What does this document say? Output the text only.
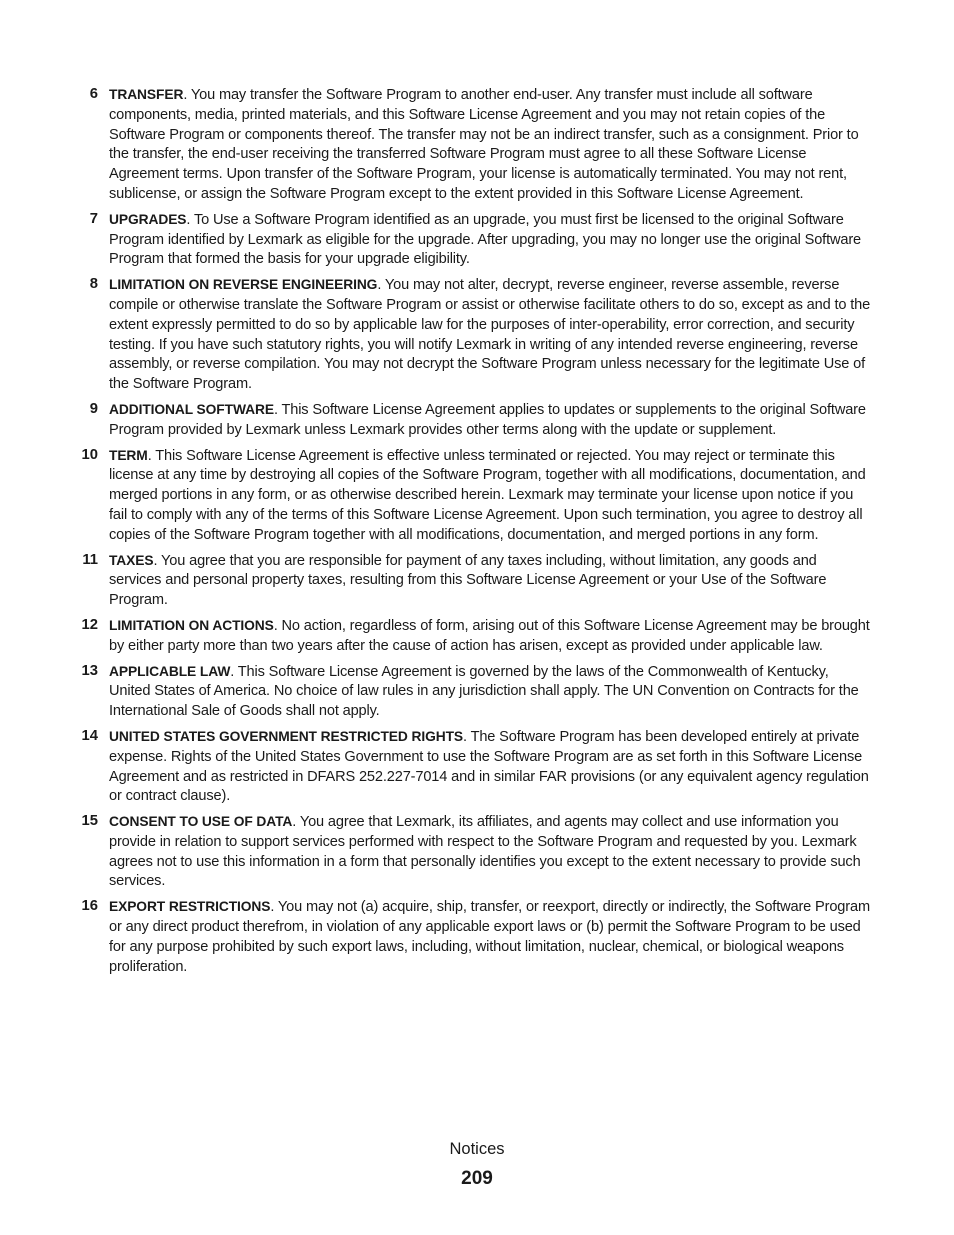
6 TRANSFER. You may transfer the Software Program to another end-user. Any transfer must include all software components, media, printed materials, and this Software License Agreement and you may not retain copies of the Software Program or components thereof. The transfer may not be an indirect transfer, such as a consignment. Prior to the transfer, the end-user receiving the transferred Software Program must agree to all these Software License Agreement terms. Upon transfer of the Software Program, your license is automatically terminated. You may not rent, sublicense, or assign the Software Program except to the extent provided in this Software License Agreement.
7 UPGRADES. To Use a Software Program identified as an upgrade, you must first be licensed to the original Software Program identified by Lexmark as eligible for the upgrade. After upgrading, you may no longer use the original Software Program that formed the basis for your upgrade eligibility.
8 LIMITATION ON REVERSE ENGINEERING. You may not alter, decrypt, reverse engineer, reverse assemble, reverse compile or otherwise translate the Software Program or assist or otherwise facilitate others to do so, except as and to the extent expressly permitted to do so by applicable law for the purposes of inter-operability, error correction, and security testing. If you have such statutory rights, you will notify Lexmark in writing of any intended reverse engineering, reverse assembly, or reverse compilation. You may not decrypt the Software Program unless necessary for the legitimate Use of the Software Program.
9 ADDITIONAL SOFTWARE. This Software License Agreement applies to updates or supplements to the original Software Program provided by Lexmark unless Lexmark provides other terms along with the update or supplement.
10 TERM. This Software License Agreement is effective unless terminated or rejected. You may reject or terminate this license at any time by destroying all copies of the Software Program, together with all modifications, documentation, and merged portions in any form, or as otherwise described herein. Lexmark may terminate your license upon notice if you fail to comply with any of the terms of this Software License Agreement. Upon such termination, you agree to destroy all copies of the Software Program together with all modifications, documentation, and merged portions in any form.
11 TAXES. You agree that you are responsible for payment of any taxes including, without limitation, any goods and services and personal property taxes, resulting from this Software License Agreement or your Use of the Software Program.
12 LIMITATION ON ACTIONS. No action, regardless of form, arising out of this Software License Agreement may be brought by either party more than two years after the cause of action has arisen, except as provided under applicable law.
13 APPLICABLE LAW. This Software License Agreement is governed by the laws of the Commonwealth of Kentucky, United States of America. No choice of law rules in any jurisdiction shall apply. The UN Convention on Contracts for the International Sale of Goods shall not apply.
14 UNITED STATES GOVERNMENT RESTRICTED RIGHTS. The Software Program has been developed entirely at private expense. Rights of the United States Government to use the Software Program are as set forth in this Software License Agreement and as restricted in DFARS 252.227-7014 and in similar FAR provisions (or any equivalent agency regulation or contract clause).
15 CONSENT TO USE OF DATA. You agree that Lexmark, its affiliates, and agents may collect and use information you provide in relation to support services performed with respect to the Software Program and requested by you. Lexmark agrees not to use this information in a form that personally identifies you except to the extent necessary to provide such services.
16 EXPORT RESTRICTIONS. You may not (a) acquire, ship, transfer, or reexport, directly or indirectly, the Software Program or any direct product therefrom, in violation of any applicable export laws or (b) permit the Software Program to be used for any purpose prohibited by such export laws, including, without limitation, nuclear, chemical, or biological weapons proliferation.
Notices
209
